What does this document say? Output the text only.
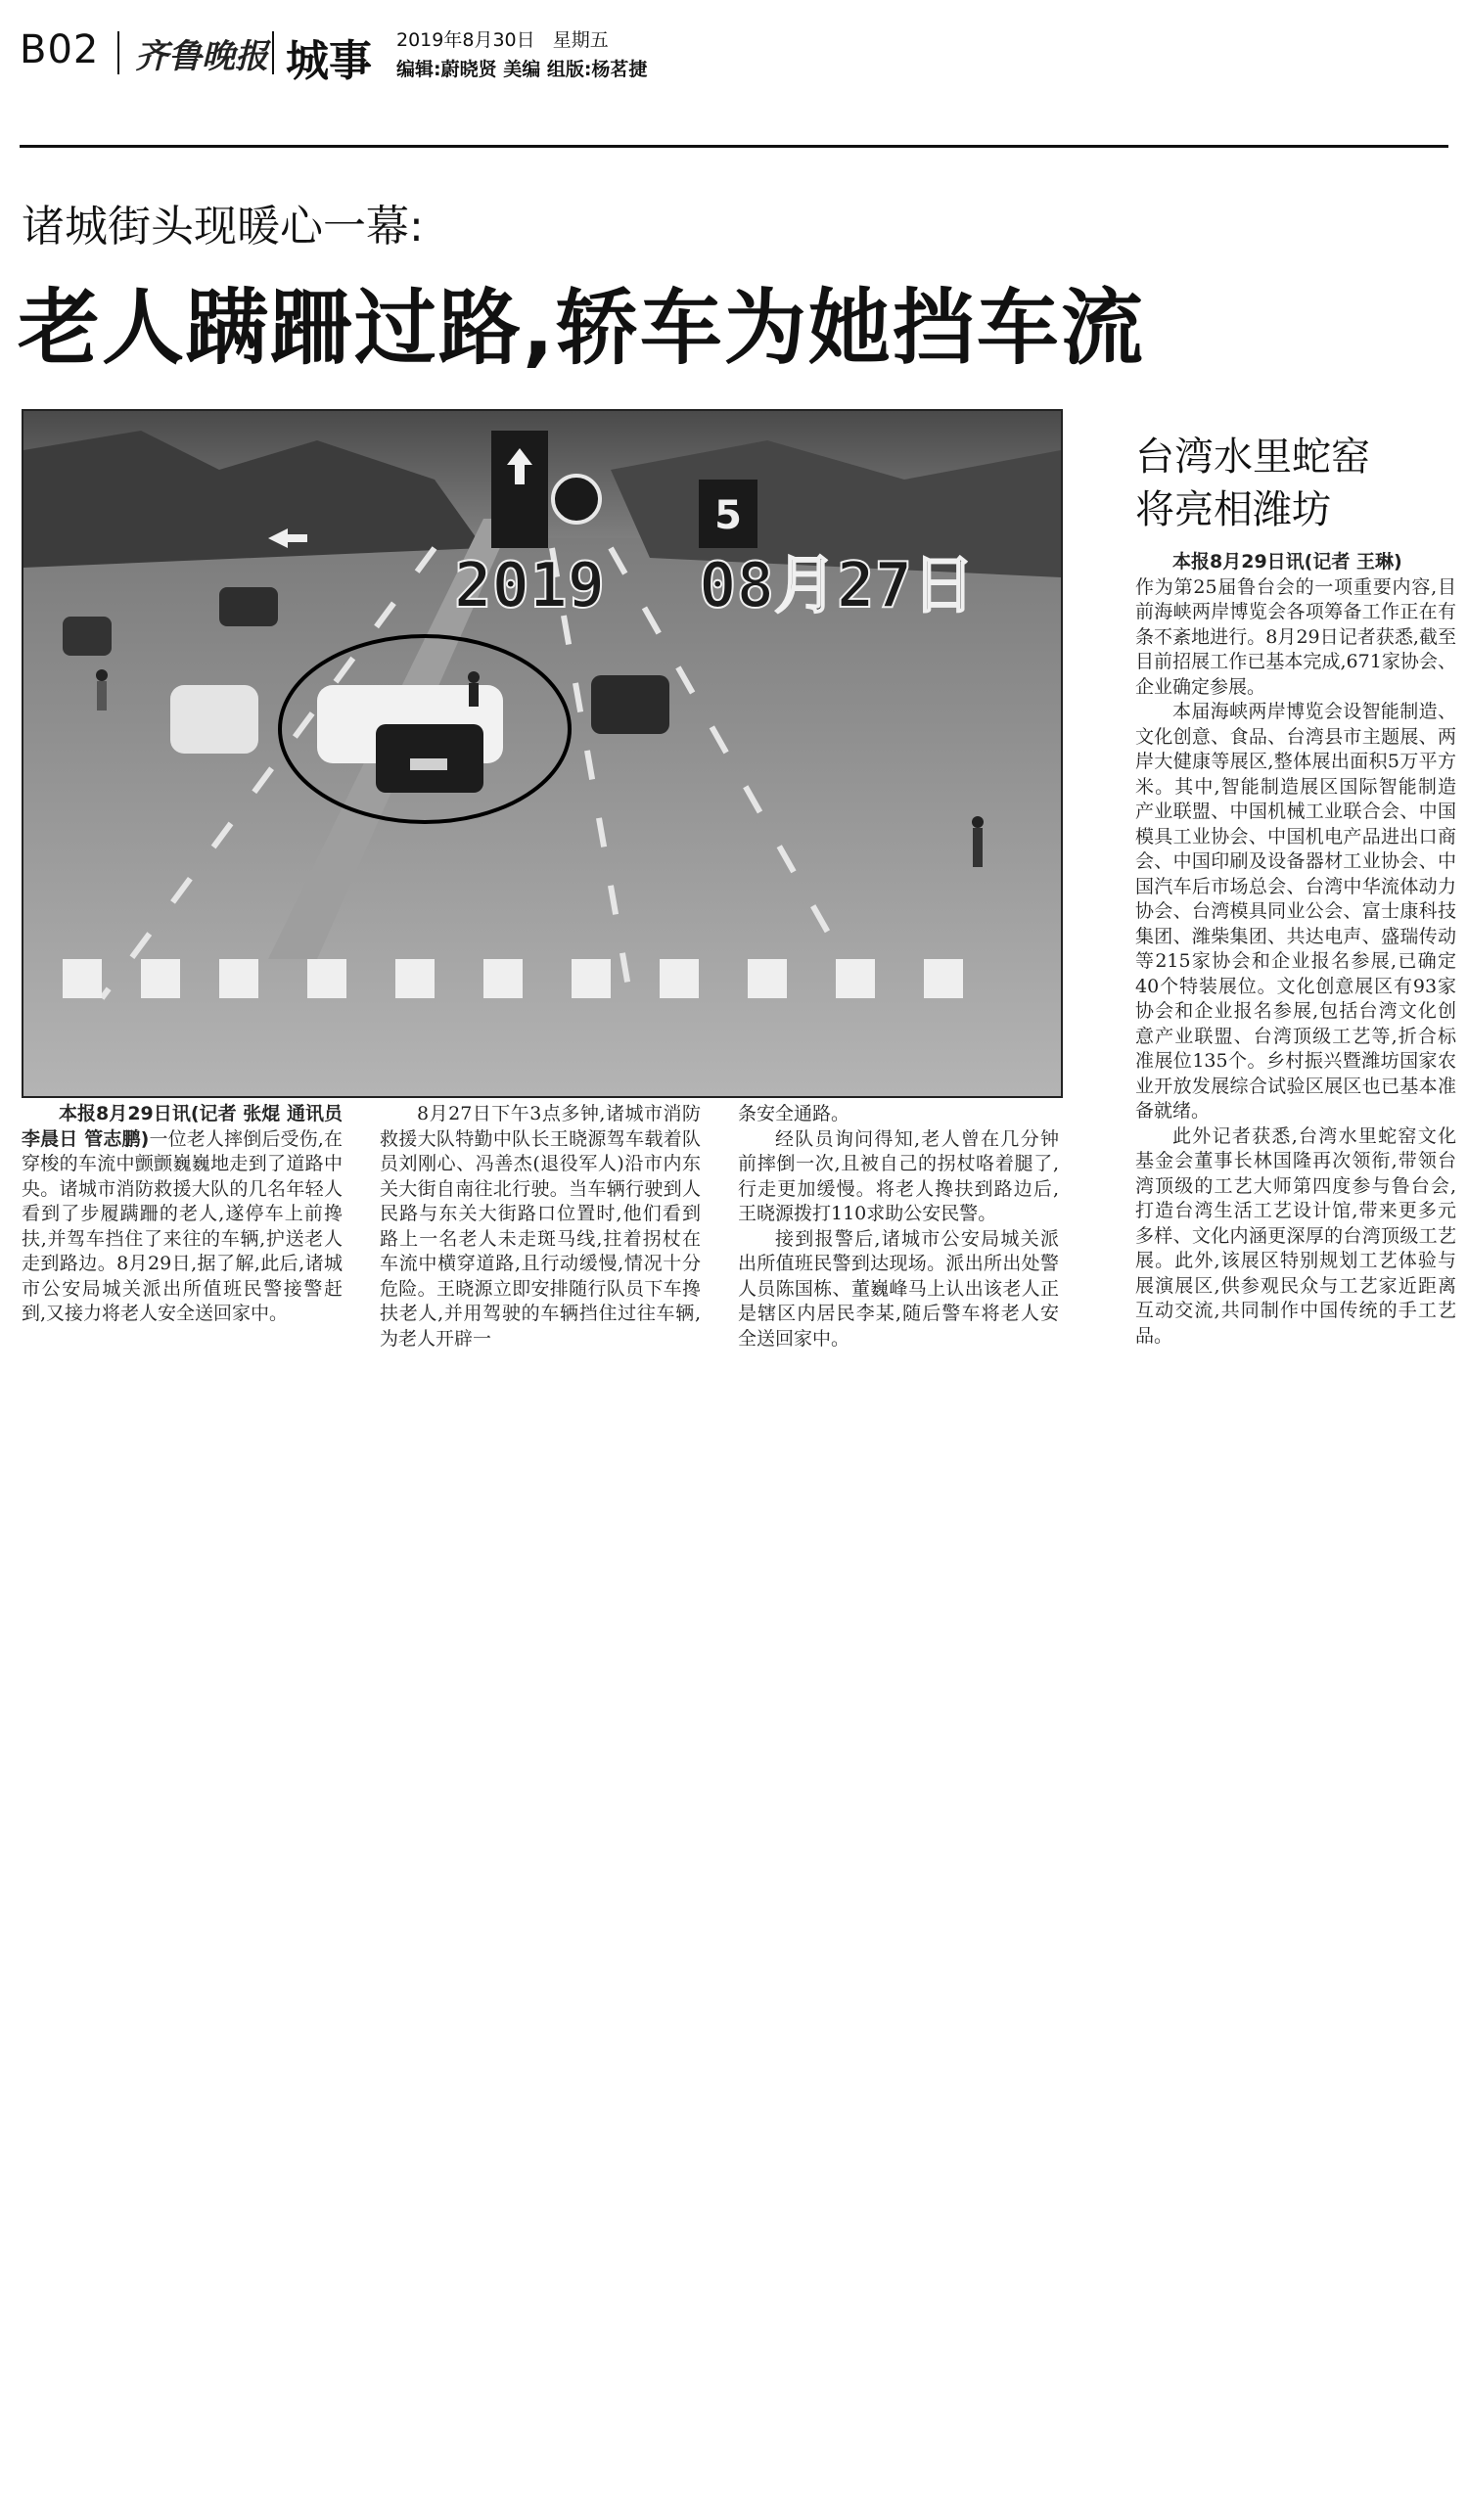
B02 齐鲁晚报 城事 2019年8月30日 星期五
编辑:蔚晓贤 美编 组版:杨茗捷
诸城街头现暖心一幕:
老人蹒跚过路,轿车为她挡车流
5
2019 08月27日

本报8月29日讯(记者 张焜 通讯员 李晨日 管志鹏)一位老人摔倒后受伤,在穿梭的车流中颤颤巍巍地走到了道路中央。诸城市消防救援大队的几名年轻人看到了步履蹒跚的老人,遂停车上前搀扶,并驾车挡住了来往的车辆,护送老人走到路边。8月29日,据了解,此后,诸城市公安局城关派出所值班民警接警赶到,又接力将老人安全送回家中。

8月27日下午3点多钟,诸城市消防救援大队特勤中队长王晓源驾车载着队员刘刚心、冯善杰(退役军人)沿市内东关大街自南往北行驶。当车辆行驶到人民路与东关大街路口位置时,他们看到路上一名老人未走斑马线,拄着拐杖在车流中横穿道路,且行动缓慢,情况十分危险。王晓源立即安排随行队员下车搀扶老人,并用驾驶的车辆挡住过往车辆,为老人开辟一

条安全通路。

经队员询问得知,老人曾在几分钟前摔倒一次,且被自己的拐杖咯着腿了,行走更加缓慢。将老人搀扶到路边后,王晓源拨打110求助公安民警。

接到报警后,诸城市公安局城关派出所值班民警到达现场。派出所出处警人员陈国栋、董巍峰马上认出该老人正是辖区内居民李某,随后警车将老人安全送回家中。

台湾水里蛇窑
将亮相潍坊

本报8月29日讯(记者 王琳)

作为第25届鲁台会的一项重要内容,目前海峡两岸博览会各项筹备工作正在有条不紊地进行。8月29日记者获悉,截至目前招展工作已基本完成,671家协会、企业确定参展。

本届海峡两岸博览会设智能制造、文化创意、食品、台湾县市主题展、两岸大健康等展区,整体展出面积5万平方米。其中,智能制造展区国际智能制造产业联盟、中国机械工业联合会、中国模具工业协会、中国机电产品进出口商会、中国印刷及设备器材工业协会、中国汽车后市场总会、台湾中华流体动力协会、台湾模具同业公会、富士康科技集团、潍柴集团、共达电声、盛瑞传动等215家协会和企业报名参展,已确定40个特装展位。文化创意展区有93家协会和企业报名参展,包括台湾文化创意产业联盟、台湾顶级工艺等,折合标准展位135个。乡村振兴暨潍坊国家农业开放发展综合试验区展区也已基本准备就绪。

此外记者获悉,台湾水里蛇窑文化基金会董事长林国隆再次领衔,带领台湾顶级的工艺大师第四度参与鲁台会,打造台湾生活工艺设计馆,带来更多元多样、文化内涵更深厚的台湾顶级工艺展。此外,该展区特别规划工艺体验与展演展区,供参观民众与工艺家近距离互动交流,共同制作中国传统的手工艺品。
